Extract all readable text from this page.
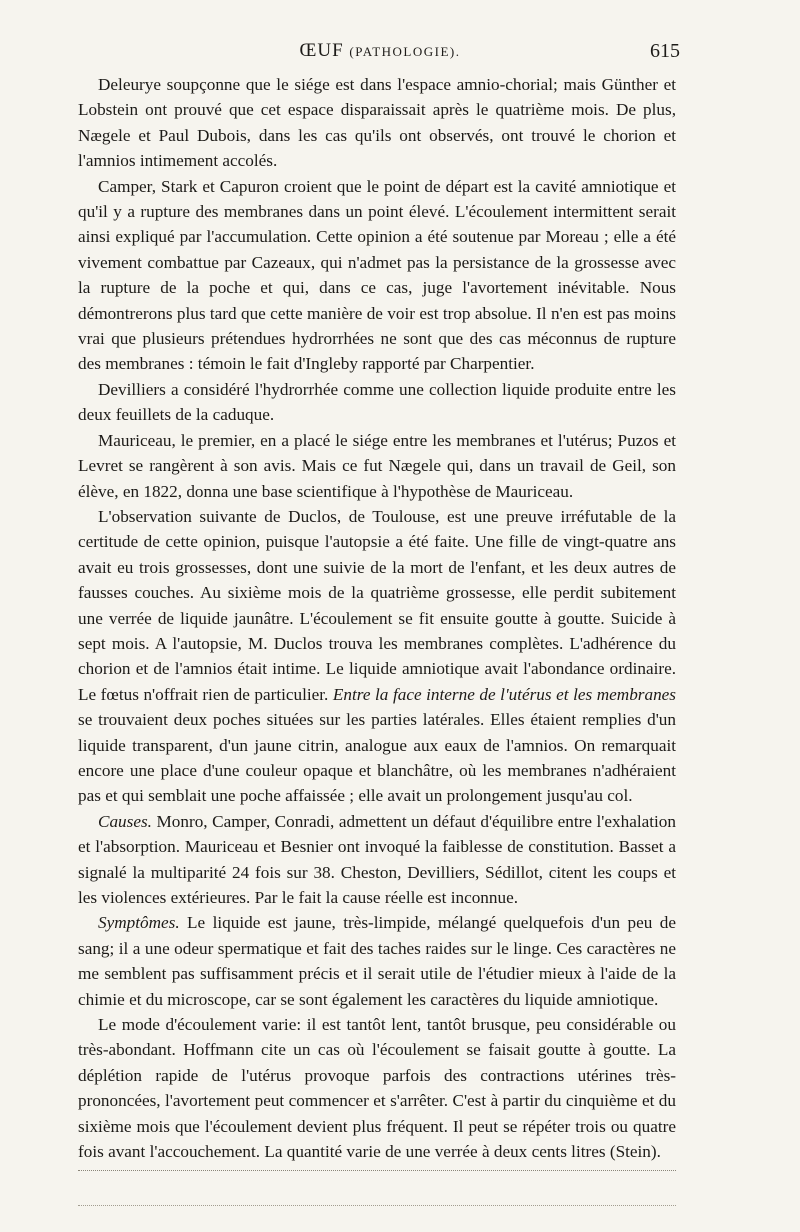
ŒUF (PATHOLOGIE).	615

Deleurye soupçonne que le siége est dans l'espace amnio-chorial; mais Günther et Lobstein ont prouvé que cet espace disparaissait après le quatrième mois. De plus, Nægele et Paul Dubois, dans les cas qu'ils ont observés, ont trouvé le chorion et l'amnios intimement accolés.

Camper, Stark et Capuron croient que le point de départ est la cavité amniotique et qu'il y a rupture des membranes dans un point élevé. L'écoulement intermittent serait ainsi expliqué par l'accumulation. Cette opinion a été soutenue par Moreau ; elle a été vivement combattue par Cazeaux, qui n'admet pas la persistance de la grossesse avec la rupture de la poche et qui, dans ce cas, juge l'avortement inévitable. Nous démontrerons plus tard que cette manière de voir est trop absolue. Il n'en est pas moins vrai que plusieurs prétendues hydrorrhées ne sont que des cas méconnus de rupture des membranes : témoin le fait d'Ingleby rapporté par Charpentier.

Devilliers a considéré l'hydrorrhée comme une collection liquide produite entre les deux feuillets de la caduque.

Mauriceau, le premier, en a placé le siége entre les membranes et l'utérus; Puzos et Levret se rangèrent à son avis. Mais ce fut Nægele qui, dans un travail de Geil, son élève, en 1822, donna une base scientifique à l'hypothèse de Mauriceau.

L'observation suivante de Duclos, de Toulouse, est une preuve irréfutable de la certitude de cette opinion, puisque l'autopsie a été faite. Une fille de vingt-quatre ans avait eu trois grossesses, dont une suivie de la mort de l'enfant, et les deux autres de fausses couches. Au sixième mois de la quatrième grossesse, elle perdit subitement une verrée de liquide jaunâtre. L'écoulement se fit ensuite goutte à goutte. Suicide à sept mois. A l'autopsie, M. Duclos trouva les membranes complètes. L'adhérence du chorion et de l'amnios était intime. Le liquide amniotique avait l'abondance ordinaire. Le fœtus n'offrait rien de particulier. Entre la face interne de l'utérus et les membranes se trouvaient deux poches situées sur les parties latérales. Elles étaient remplies d'un liquide transparent, d'un jaune citrin, analogue aux eaux de l'amnios. On remarquait encore une place d'une couleur opaque et blanchâtre, où les membranes n'adhéraient pas et qui semblait une poche affaissée ; elle avait un prolongement jusqu'au col.

Causes. Monro, Camper, Conradi, admettent un défaut d'équilibre entre l'exhalation et l'absorption. Mauriceau et Besnier ont invoqué la faiblesse de constitution. Basset a signalé la multiparité 24 fois sur 38. Cheston, Devilliers, Sédillot, citent les coups et les violences extérieures. Par le fait la cause réelle est inconnue.

Symptômes. Le liquide est jaune, très-limpide, mélangé quelquefois d'un peu de sang; il a une odeur spermatique et fait des taches raides sur le linge. Ces caractères ne me semblent pas suffisamment précis et il serait utile de l'étudier mieux à l'aide de la chimie et du microscope, car se sont également les caractères du liquide amniotique.

Le mode d'écoulement varie: il est tantôt lent, tantôt brusque, peu considérable ou très-abondant. Hoffmann cite un cas où l'écoulement se faisait goutte à goutte. La déplétion rapide de l'utérus provoque parfois des contractions utérines très-prononcées, l'avortement peut commencer et s'arrêter. C'est à partir du cinquième et du sixième mois que l'écoulement devient plus fréquent. Il peut se répéter trois ou quatre fois avant l'accouchement. La quantité varie de une verrée à deux cents litres (Stein).
